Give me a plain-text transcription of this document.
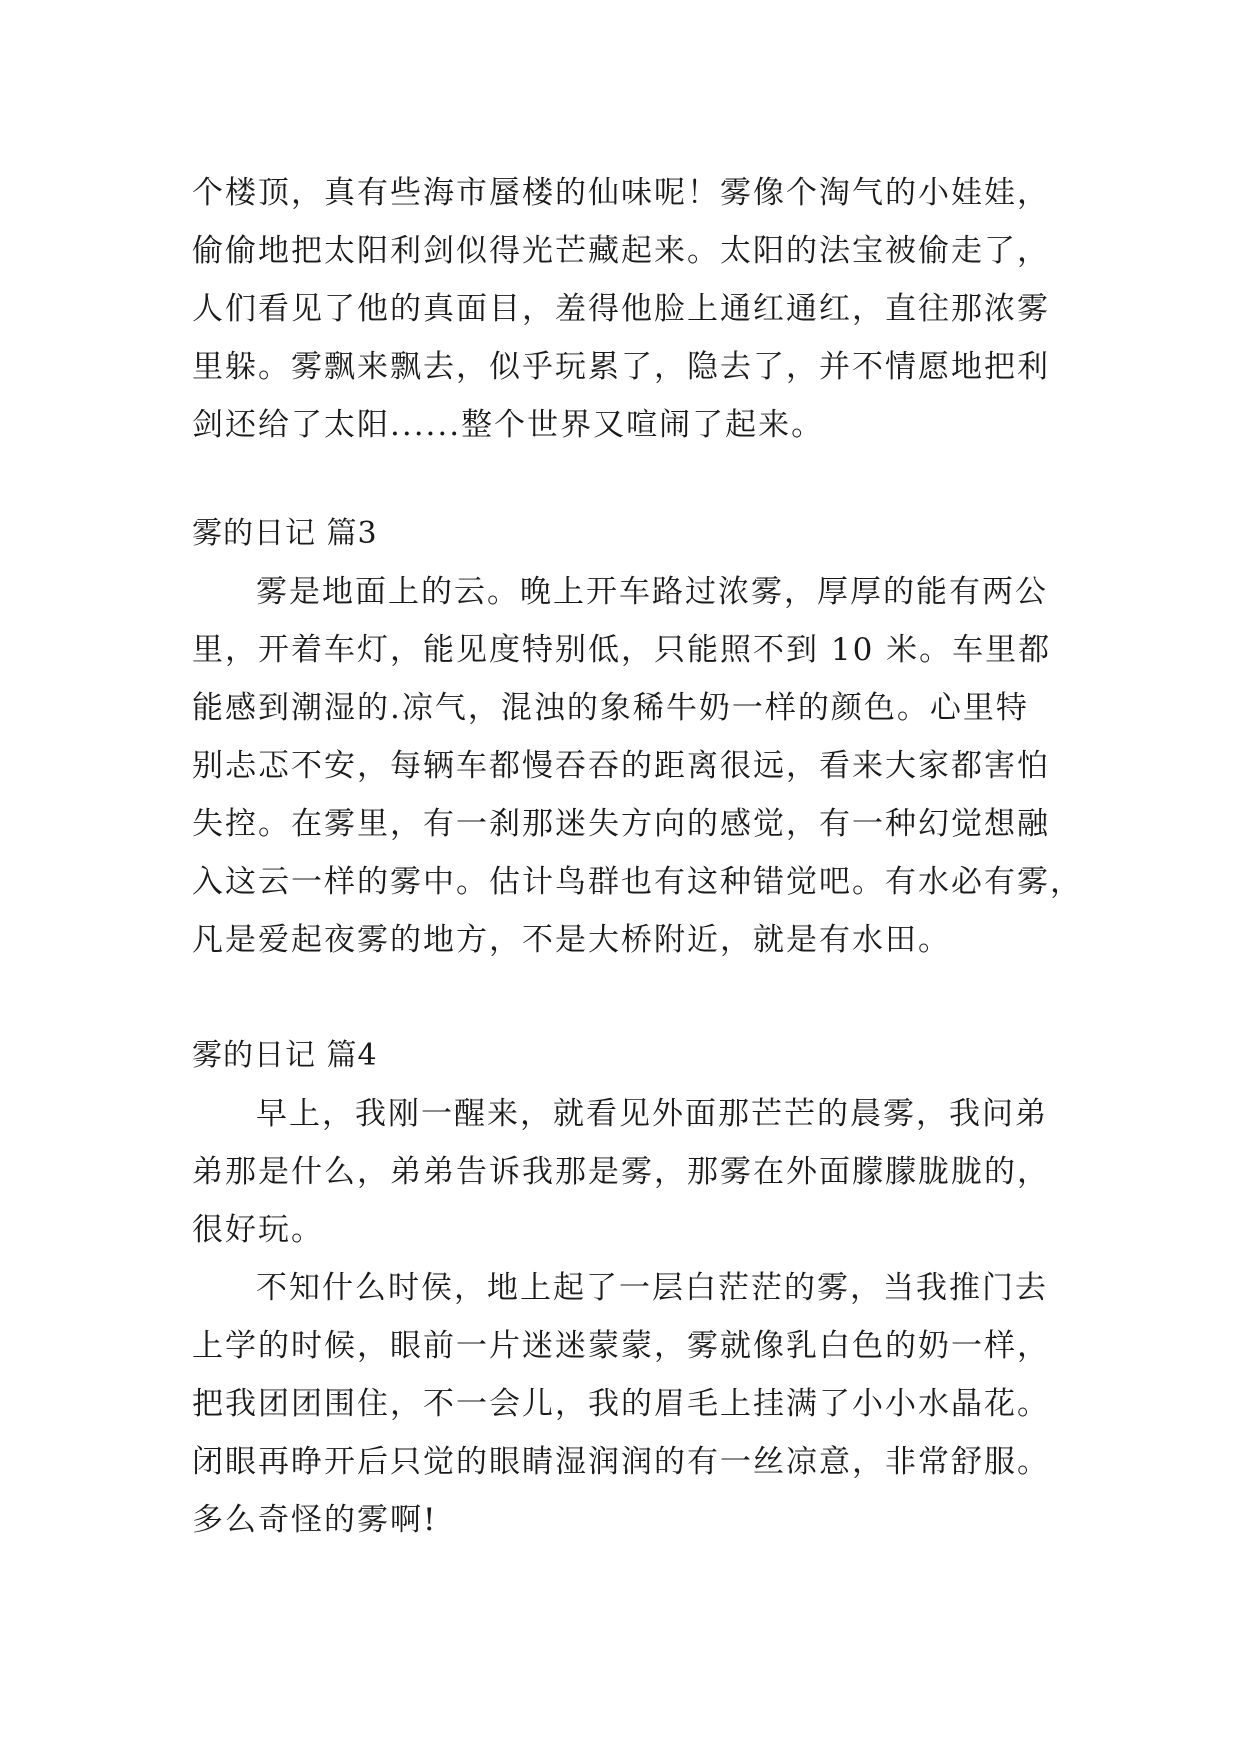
个楼顶，真有些海市蜃楼的仙味呢！雾像个淘气的小娃娃，
偷偷地把太阳利剑似得光芒藏起来。太阳的法宝被偷走了，
人们看见了他的真面目，羞得他脸上通红通红，直往那浓雾
里躲。雾飘来飘去，似乎玩累了，隐去了，并不情愿地把利
剑还给了太阳......整个世界又喧闹了起来。
雾的日记 篇3
雾是地面上的云。晚上开车路过浓雾，厚厚的能有两公
里，开着车灯，能见度特别低，只能照不到 10 米。车里都
能感到潮湿的.凉气，混浊的象稀牛奶一样的颜色。心里特
别忐忑不安，每辆车都慢吞吞的距离很远，看来大家都害怕
失控。在雾里，有一刹那迷失方向的感觉，有一种幻觉想融
入这云一样的雾中。估计鸟群也有这种错觉吧。有水必有雾，
凡是爱起夜雾的地方，不是大桥附近，就是有水田。
雾的日记 篇4
早上，我刚一醒来，就看见外面那芒芒的晨雾，我问弟
弟那是什么，弟弟告诉我那是雾，那雾在外面朦朦胧胧的，
很好玩。
不知什么时侯，地上起了一层白茫茫的雾，当我推门去
上学的时候，眼前一片迷迷蒙蒙，雾就像乳白色的奶一样，
把我团团围住，不一会儿，我的眉毛上挂满了小小水晶花。
闭眼再睁开后只觉的眼睛湿润润的有一丝凉意，非常舒服。
多么奇怪的雾啊!
